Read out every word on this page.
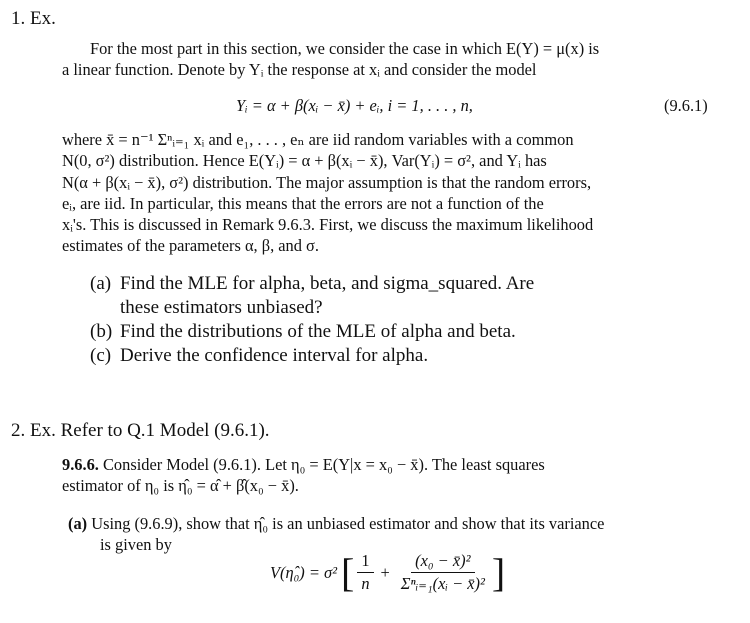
1. Ex.
For the most part in this section, we consider the case in which E(Y) = μ(x) is
a linear function. Denote by Yᵢ the response at xᵢ and consider the model
Yᵢ = α + β(xᵢ − x̄) + eᵢ, i = 1, . . . , n,	(9.6.1)
where x̄ = n⁻¹ Σⁿᵢ₌₁ xᵢ and e₁, . . . , eₙ are iid random variables with a common
N(0, σ²) distribution. Hence E(Yᵢ) = α + β(xᵢ − x̄), Var(Yᵢ) = σ², and Yᵢ has
N(α + β(xᵢ − x̄), σ²) distribution. The major assumption is that the random errors,
eᵢ, are iid. In particular, this means that the errors are not a function of the
xᵢ's. This is discussed in Remark 9.6.3. First, we discuss the maximum likelihood
estimates of the parameters α, β, and σ.
(a) Find the MLE for alpha, beta, and sigma_squared. Are
these estimators unbiased?
(b) Find the distributions of the MLE of alpha and beta.
(c) Derive the confidence interval for alpha.
2. Ex. Refer to Q.1 Model (9.6.1).
9.6.6. Consider Model (9.6.1). Let η₀ = E(Y|x = x₀ − x̄). The least squares
estimator of η₀ is η̂₀ = α̂ + β̂(x₀ − x̄).
(a) Using (9.6.9), show that η̂₀ is an unbiased estimator and show that its variance
is given by
V(η̂₀) = σ² [ $\frac{1}{n} + \frac{\text{(x₀ − x̄)²}}{\text{Σⁿᵢ₌₁(xᵢ − x̄)²}}$ ]
